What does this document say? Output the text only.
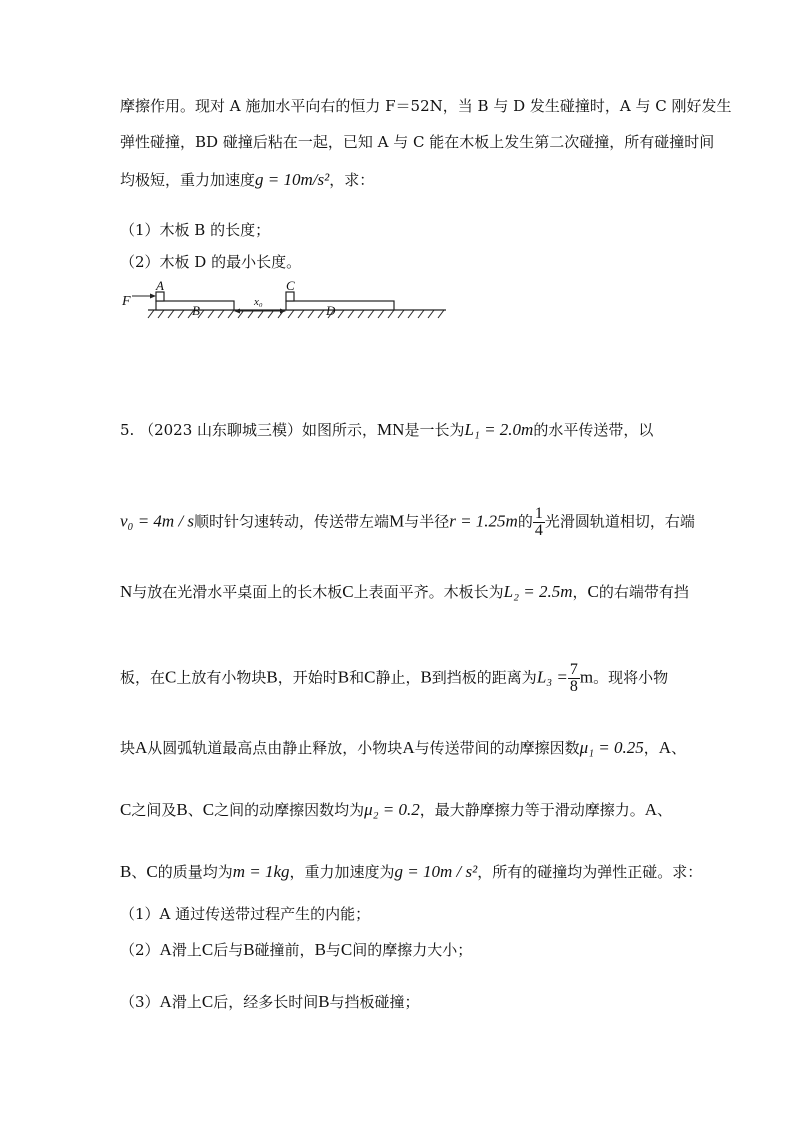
摩擦作用。现对 A 施加水平向右的恒力 F＝52N，当 B 与 D 发生碰撞时，A 与 C 刚好发生
弹性碰撞，BD 碰撞后粘在一起，已知 A 与 C 能在木板上发生第二次碰撞，所有碰撞时间
均极短，重力加速度g = 10m/s²，求：
（1）木板 B 的长度；
（2）木板 D 的最小长度。
F
A
B
x₀
C
D
5. （2023 山东聊城三模）如图所示，MN是一长为L₁ = 2.0m的水平传送带，以
v₀ = 4m / s顺时针匀速转动，传送带左端M与半径r = 1.25m的 $\frac{1}{4}$ 光滑圆轨道相切，右端
N与放在光滑水平桌面上的长木板C上表面平齐。木板长为L₂ = 2.5m，C的右端带有挡
板，在C上放有小物块B，开始时B和C静止，B到挡板的距离为$L_3 = \frac{7}{8}$ m。现将小物
块A从圆弧轨道最高点由静止释放，小物块A与传送带间的动摩擦因数μ₁ = 0.25，A、
C之间及B、C之间的动摩擦因数均为μ₂ = 0.2，最大静摩擦力等于滑动摩擦力。A、
B、C的质量均为m = 1kg，重力加速度为g = 10m / s²，所有的碰撞均为弹性正碰。求：
（1）A 通过传送带过程产生的内能；
（2）A滑上C后与B碰撞前，B与C间的摩擦力大小；
（3）A滑上C后，经多长时间B与挡板碰撞；
